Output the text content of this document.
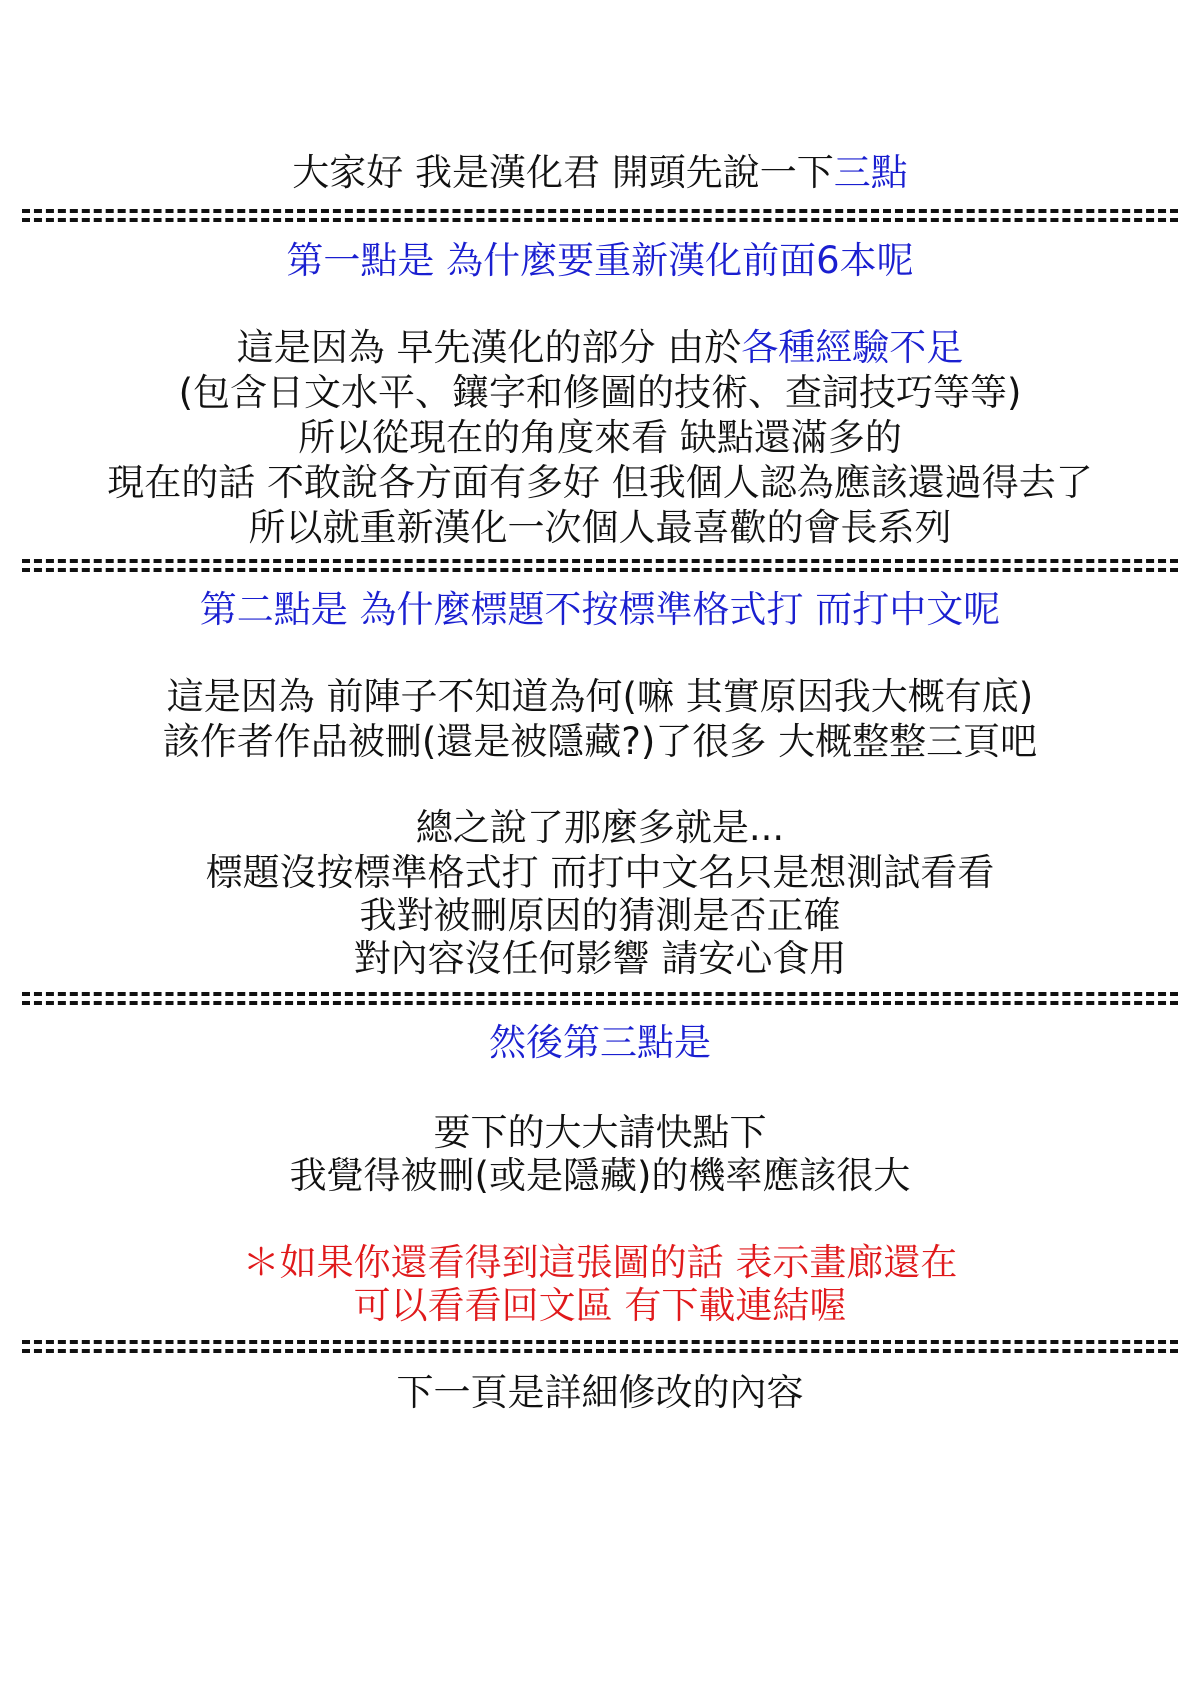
大家好 我是漢化君 開頭先說一下三點
第一點是 為什麼要重新漢化前面6本呢
這是因為 早先漢化的部分 由於各種經驗不足
(包含日文水平、鑲字和修圖的技術、查詞技巧等等)
所以從現在的角度來看 缺點還滿多的
現在的話 不敢說各方面有多好 但我個人認為應該還過得去了
所以就重新漢化一次個人最喜歡的會長系列
第二點是 為什麼標題不按標準格式打 而打中文呢
這是因為 前陣子不知道為何(嘛 其實原因我大概有底)
該作者作品被刪(還是被隱藏?)了很多 大概整整三頁吧
總之說了那麼多就是...
標題沒按標準格式打 而打中文名只是想測試看看
我對被刪原因的猜測是否正確
對內容沒任何影響 請安心食用
然後第三點是
要下的大大請快點下
我覺得被刪(或是隱藏)的機率應該很大
＊如果你還看得到這張圖的話 表示畫廊還在
可以看看回文區 有下載連結喔
下一頁是詳細修改的內容
